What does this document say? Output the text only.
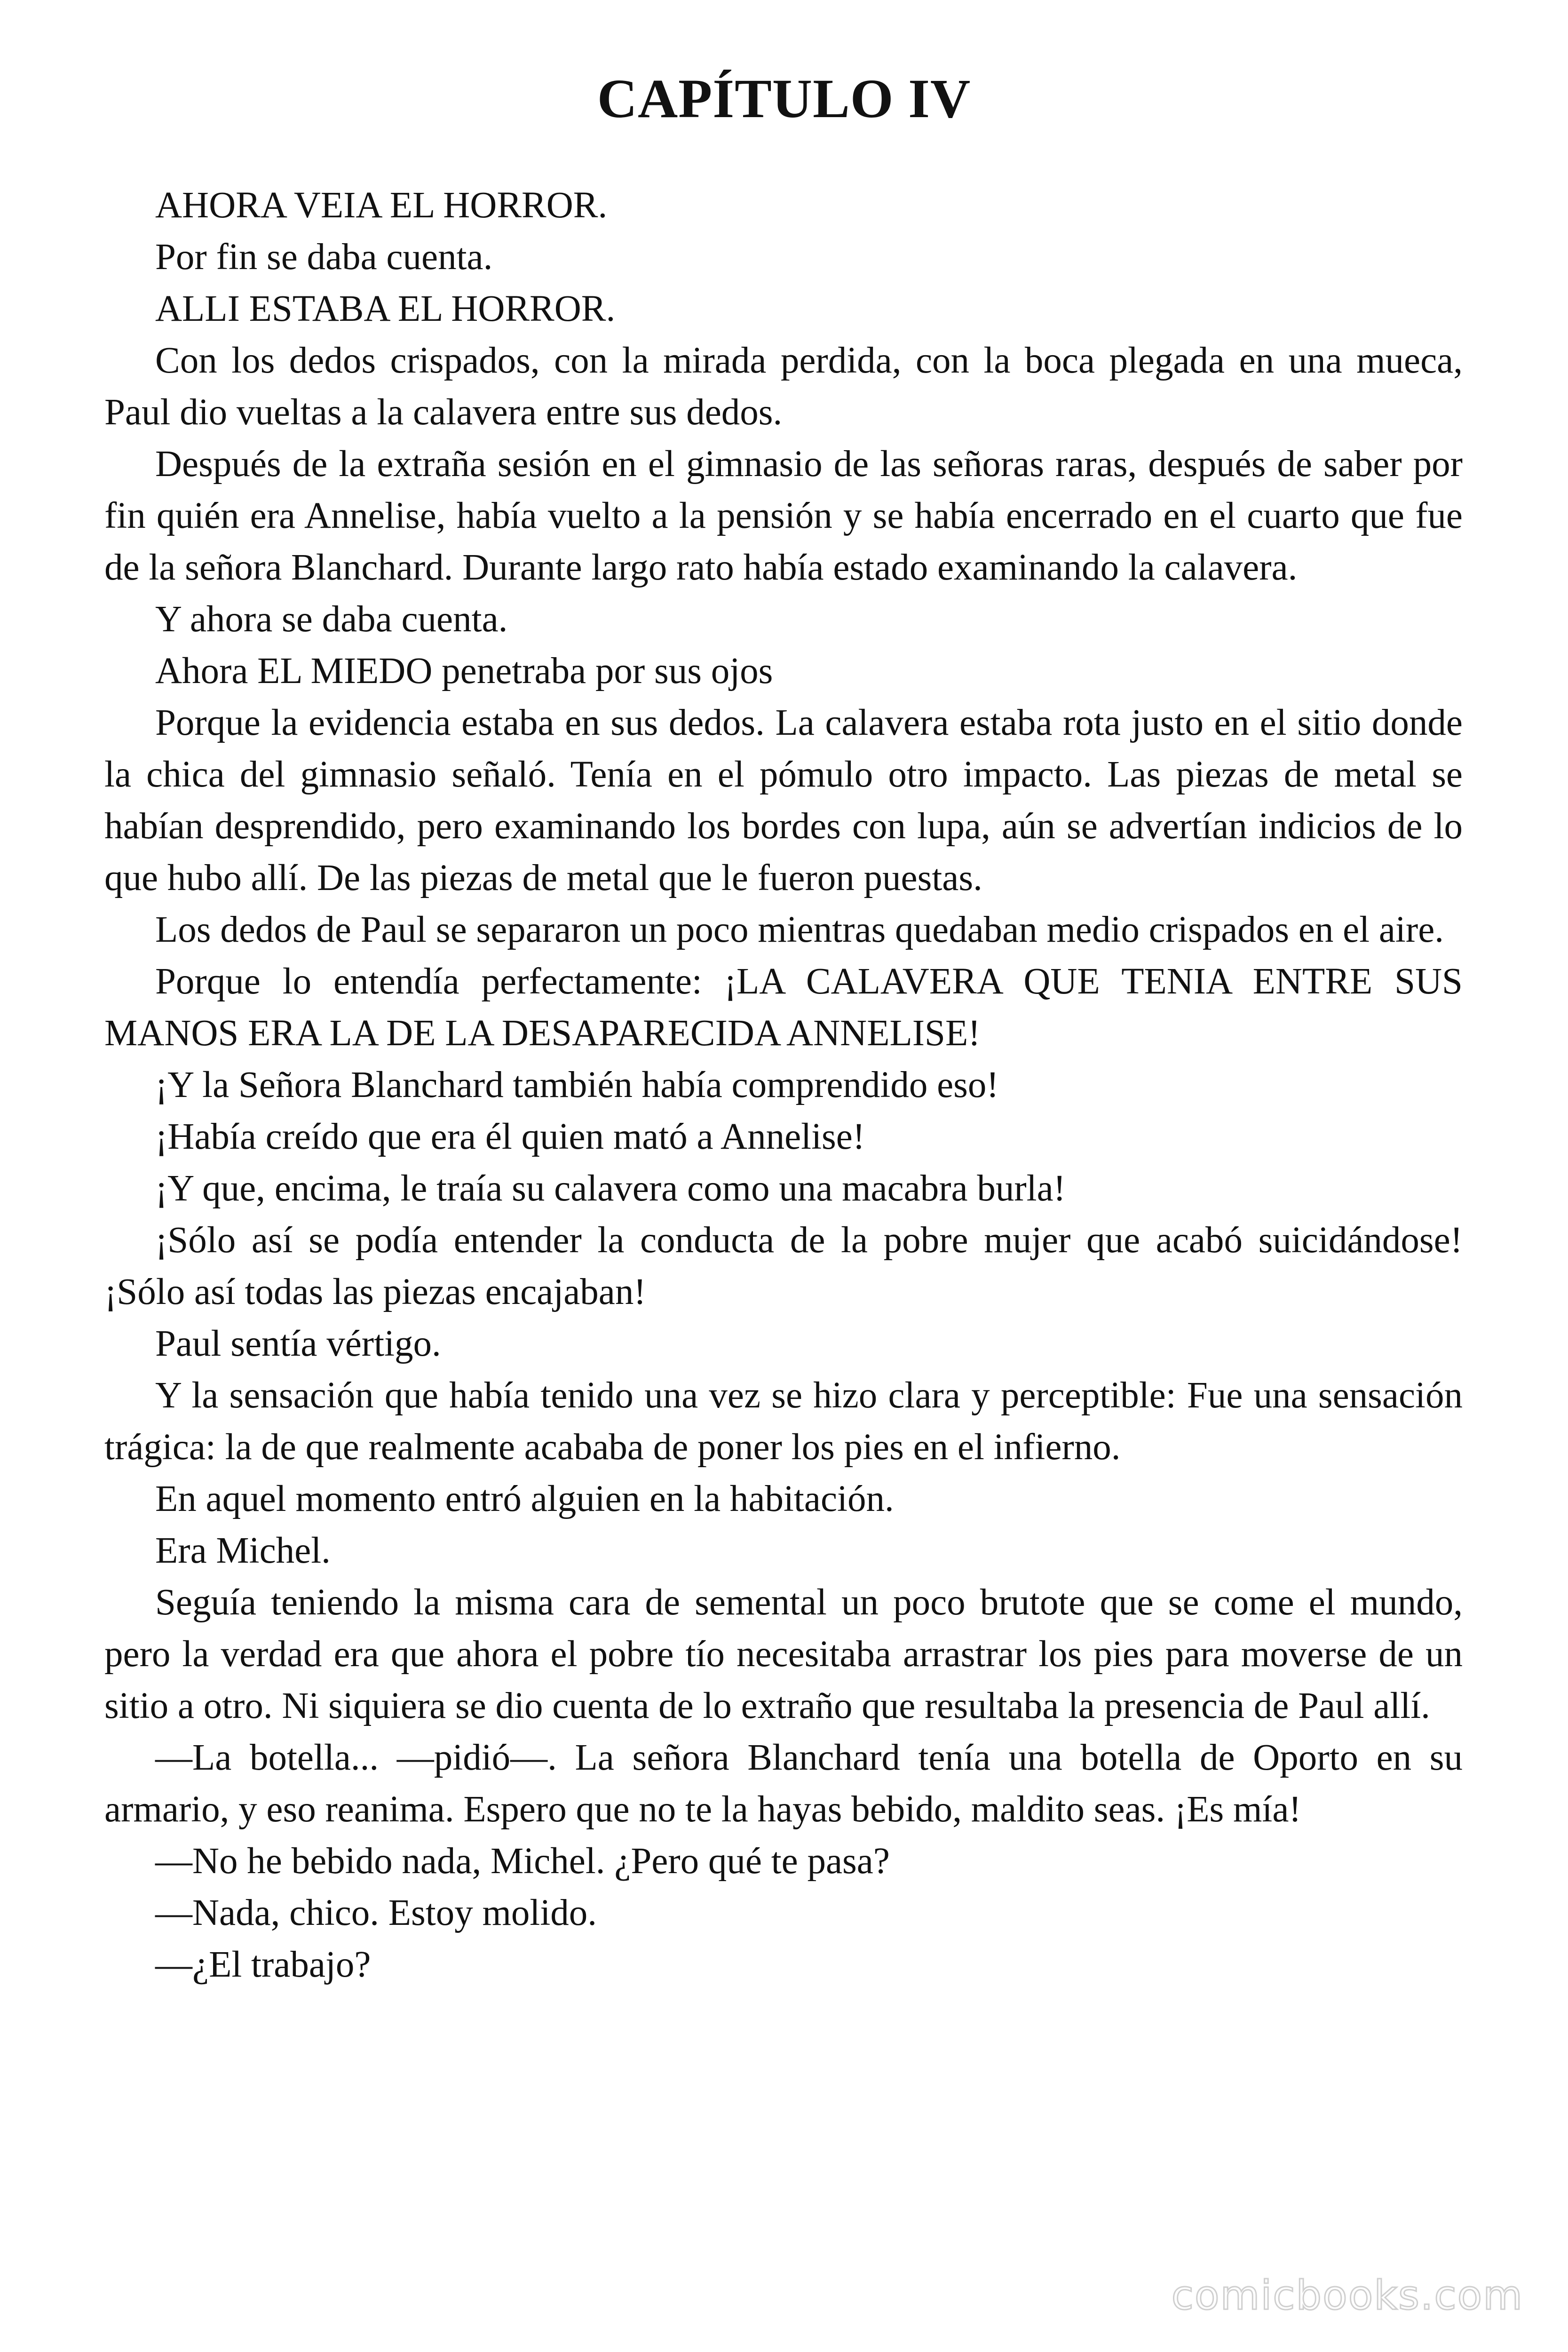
CAPÍTULO IV

AHORA VEIA EL HORROR.

Por fin se daba cuenta.

ALLI ESTABA EL HORROR.

Con los dedos crispados, con la mirada perdida, con la boca plegada en una mueca, Paul dio vueltas a la calavera entre sus dedos.

Después de la extraña sesión en el gimnasio de las señoras raras, después de saber por fin quién era Annelise, había vuelto a la pensión y se había encerrado en el cuarto que fue de la señora Blanchard. Durante largo rato había estado examinando la calavera.

Y ahora se daba cuenta.

Ahora EL MIEDO penetraba por sus ojos

Porque la evidencia estaba en sus dedos. La calavera estaba rota justo en el sitio donde la chica del gimnasio señaló. Tenía en el pómulo otro impacto. Las piezas de metal se habían desprendido, pero examinando los bordes con lupa, aún se advertían indicios de lo que hubo allí. De las piezas de metal que le fueron puestas.

Los dedos de Paul se separaron un poco mientras quedaban medio crispados en el aire.

Porque lo entendía perfectamente: ¡LA CALAVERA QUE TENIA ENTRE SUS MANOS ERA LA DE LA DESAPARECIDA ANNELISE!

¡Y la Señora Blanchard también había comprendido eso!

¡Había creído que era él quien mató a Annelise!

¡Y que, encima, le traía su calavera como una macabra burla!

¡Sólo así se podía entender la conducta de la pobre mujer que acabó suicidándose! ¡Sólo así todas las piezas encajaban!

Paul sentía vértigo.

Y la sensación que había tenido una vez se hizo clara y perceptible: Fue una sensación trágica: la de que realmente acababa de poner los pies en el infierno.

En aquel momento entró alguien en la habitación.

Era Michel.

Seguía teniendo la misma cara de semental un poco brutote que se come el mundo, pero la verdad era que ahora el pobre tío necesitaba arrastrar los pies para moverse de un sitio a otro. Ni siquiera se dio cuenta de lo extraño que resultaba la presencia de Paul allí.

—La botella... —pidió—. La señora Blanchard tenía una botella de Oporto en su armario, y eso reanima. Espero que no te la hayas bebido, maldito seas. ¡Es mía!

—No he bebido nada, Michel. ¿Pero qué te pasa?

—Nada, chico. Estoy molido.

—¿El trabajo?

comicbooks.com
